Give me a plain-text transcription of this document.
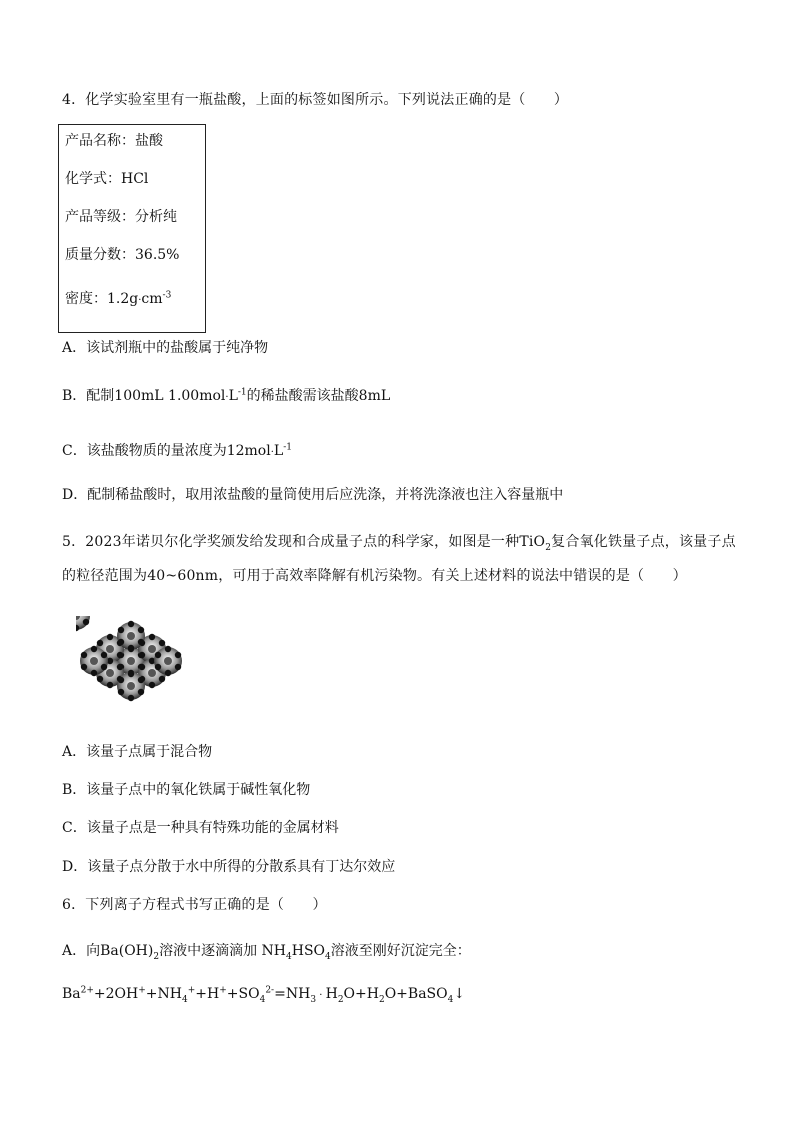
4．化学实验室里有一瓶盐酸，上面的标签如图所示。下列说法正确的是（　　）
产品名称：盐酸
化学式：HCl
产品等级：分析纯
质量分数：36.5%
密度：$1.2g\cdot cm^{-3}$
A．该试剂瓶中的盐酸属于纯净物
B．配制100mL $1.00mol\cdot L^{-1}$的稀盐酸需该盐酸8mL
C．该盐酸物质的量浓度为$12mol\cdot L^{-1}$
D．配制稀盐酸时，取用浓盐酸的量筒使用后应洗涤，并将洗涤液也注入容量瓶中
5．2023年诺贝尔化学奖颁发给发现和合成量子点的科学家，如图是一种TiO$_2$复合氧化铁量子点，该量子点
的粒径范围为40~60nm，可用于高效率降解有机污染物。有关上述材料的说法中错误的是（　　）
A．该量子点属于混合物
B．该量子点中的氧化铁属于碱性氧化物
C．该量子点是一种具有特殊功能的金属材料
D．该量子点分散于水中所得的分散系具有丁达尔效应
6．下列离子方程式书写正确的是（　　）
A．向$Ba(OH)_2$溶液中逐滴滴加 $NH_4HSO_4$溶液至刚好沉淀完全：
$Ba^{2+}+2OH^++NH_4^++H^++SO_4^{2-}=NH_3$ · $H_2O+H_2O+BaSO_4↓$
